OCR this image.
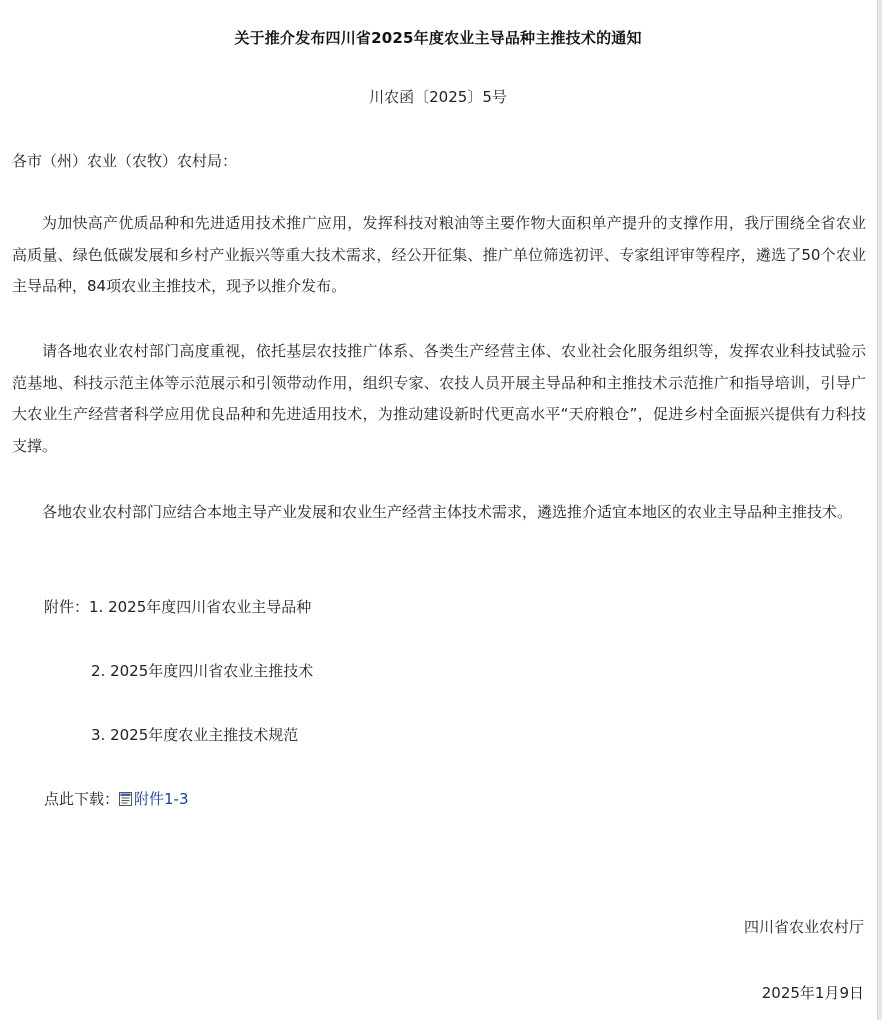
关于推介发布四川省2025年度农业主导品种主推技术的通知
川农函〔2025〕5号
各市（州）农业（农牧）农村局：

为加快高产优质品种和先进适用技术推广应用，发挥科技对粮油等主要作物大面积单产提升的支撑作用，我厅围绕全省农业高质量、绿色低碳发展和乡村产业振兴等重大技术需求，经公开征集、推广单位筛选初评、专家组评审等程序，遴选了50个农业主导品种，84项农业主推技术，现予以推介发布。

请各地农业农村部门高度重视，依托基层农技推广体系、各类生产经营主体、农业社会化服务组织等，发挥农业科技试验示范基地、科技示范主体等示范展示和引领带动作用，组织专家、农技人员开展主导品种和主推技术示范推广和指导培训，引导广大农业生产经营者科学应用优良品种和先进适用技术，为推动建设新时代更高水平“天府粮仓”，促进乡村全面振兴提供有力科技支撑。

各地农业农村部门应结合本地主导产业发展和农业生产经营主体技术需求，遴选推介适宜本地区的农业主导品种主推技术。

附件：1. 2025年度四川省农业主导品种
2. 2025年度四川省农业主推技术
3. 2025年度农业主推技术规范
点此下载： 附件1-3
四川省农业农村厅
2025年1月9日
